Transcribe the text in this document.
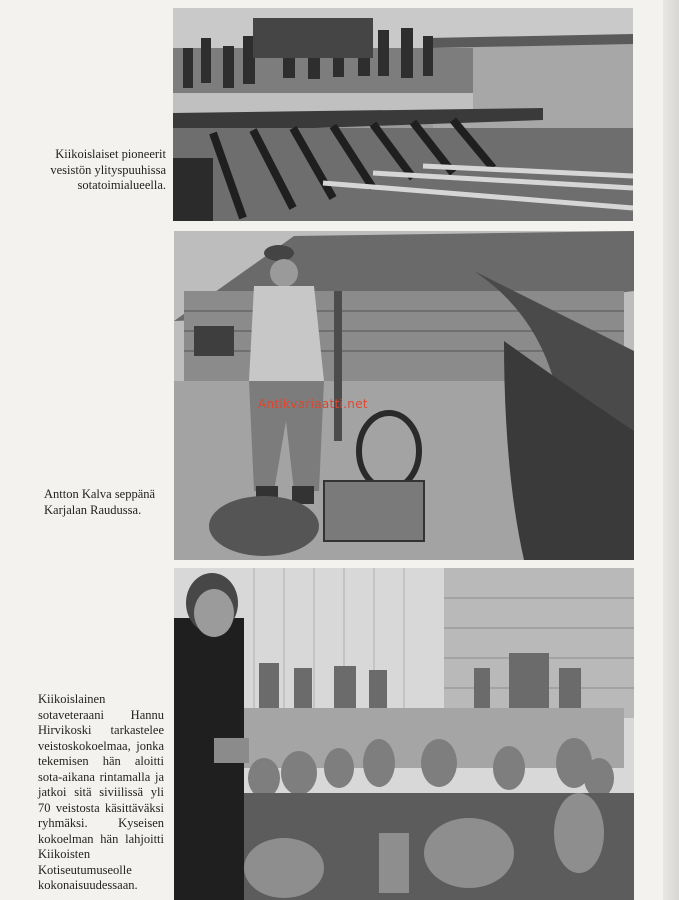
Kiikoislaiset pioneerit vesistön ylityspuuhissa sotatoimialueella.
Antton Kalva seppänä Karjalan Raudussa.
Antikvariaatti.net
Kiikoislainen sotaveteraani Hannu Hirvikoski tarkastelee veistoskokoelmaa, jonka tekemisen hän aloitti sota-aikana rintamalla ja jatkoi sitä siviilissä yli 70 veistosta käsittäväksi ryhmäksi. Kyseisen kokoelman hän lahjoitti Kiikoisten Kotiseutumuseolle kokonaisuudessaan.
